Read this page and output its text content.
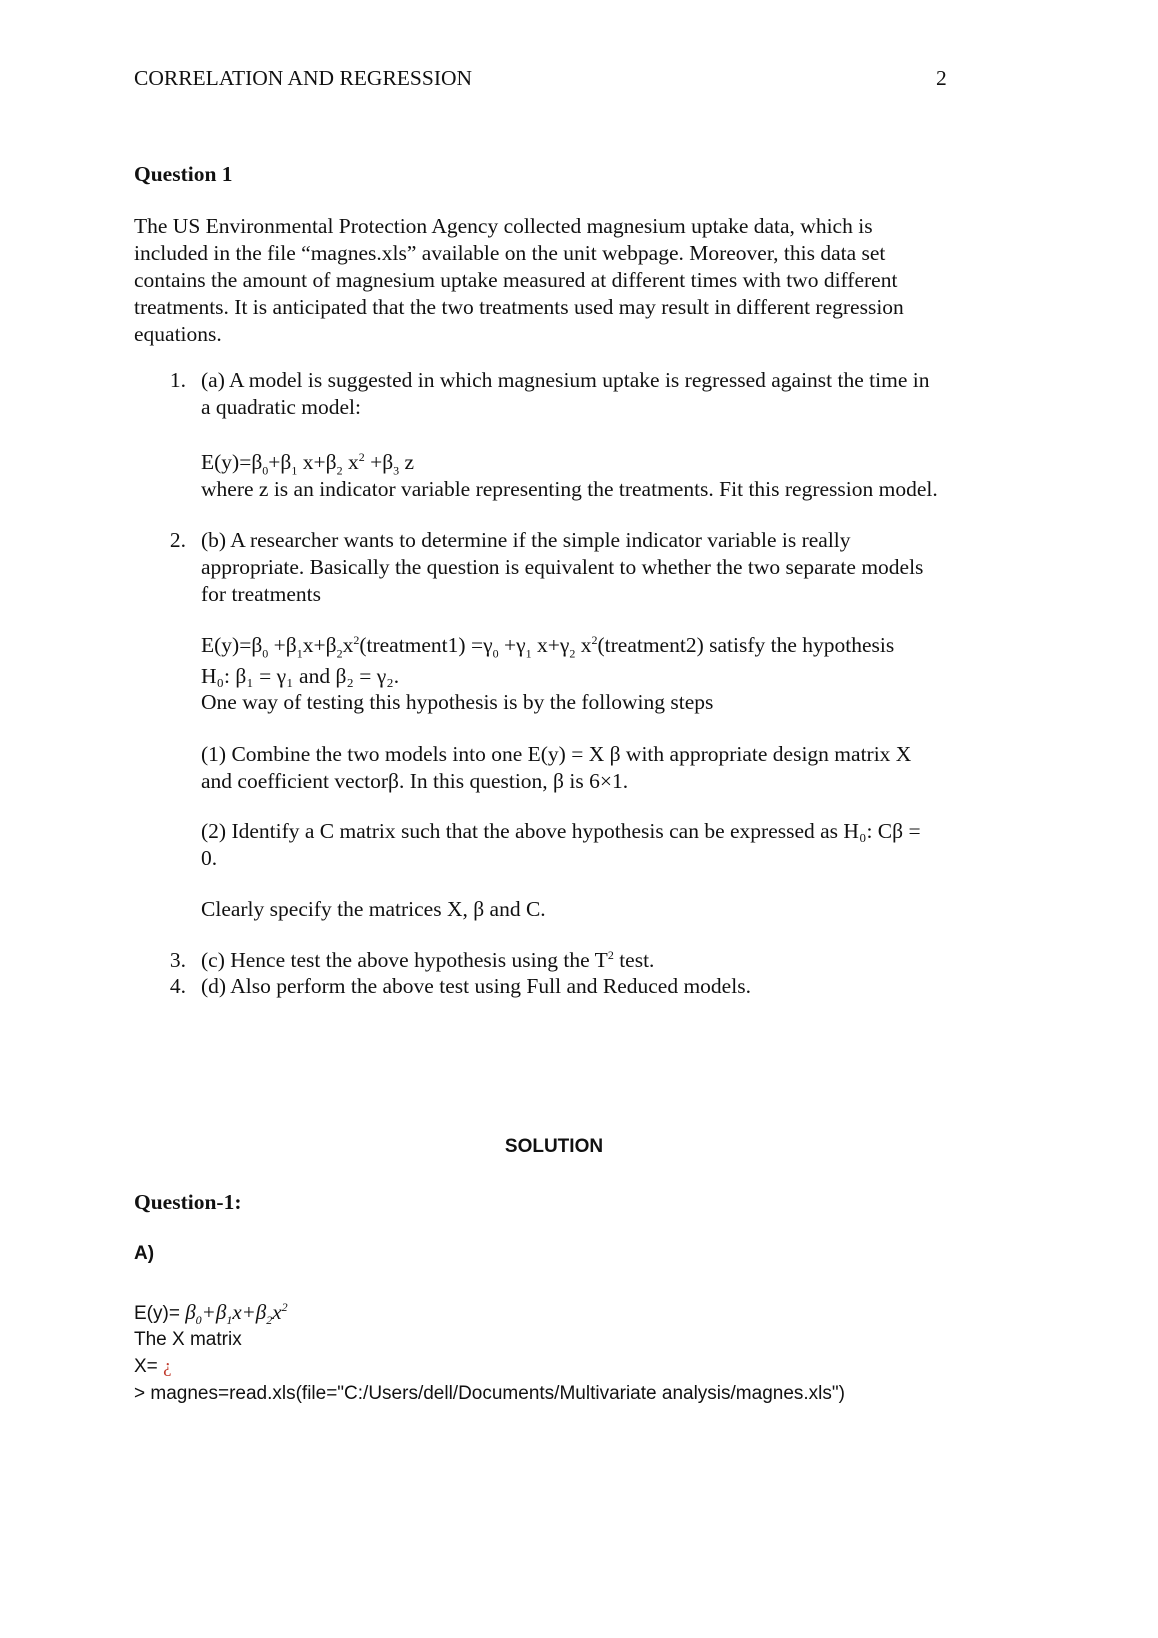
CORRELATION AND REGRESSION	2
Question 1
The US Environmental Protection Agency collected magnesium uptake data, which is
included in the file “magnes.xls” available on the unit webpage. Moreover, this data set
contains the amount of magnesium uptake measured at different times with two different
treatments. It is anticipated that the two treatments used may result in different regression
equations.
1. (a) A model is suggested in which magnesium uptake is regressed against the time in
a quadratic model:
$E(y)=\beta_0+\beta_1$ $x+\beta_2$ $x^2 +\beta_3$ z
where z is an indicator variable representing the treatments. Fit this regression model.
2. (b) A researcher wants to determine if the simple indicator variable is really
appropriate. Basically the question is equivalent to whether the two separate models
for treatments
$E(y)=\beta_0$ $+\beta_1x+\beta_2x^2(treatment1) =\gamma_0 +\gamma_1$ $x+\gamma_2$ $x^2(treatment2)$ satisfy the hypothesis
H₀: β₁ = γ₁ and β₂ = γ₂.
One way of testing this hypothesis is by the following steps
(1) Combine the two models into one E(y) = X β with appropriate design matrix X
and coefficient vectorβ. In this question, β is 6×1.
(2) Identify a C matrix such that the above hypothesis can be expressed as H₀: Cβ =
0.
Clearly specify the matrices X, β and C.
3. (c) Hence test the above hypothesis using the $T^2$ test.
4. (d) Also perform the above test using Full and Reduced models.
SOLUTION
Question-1:
A)
$E(y)= \beta_0+\beta_1x+\beta_2x^2$
The X matrix
X= ¿
> magnes=read.xls(file="C:/Users/dell/Documents/Multivariate analysis/magnes.xls")
